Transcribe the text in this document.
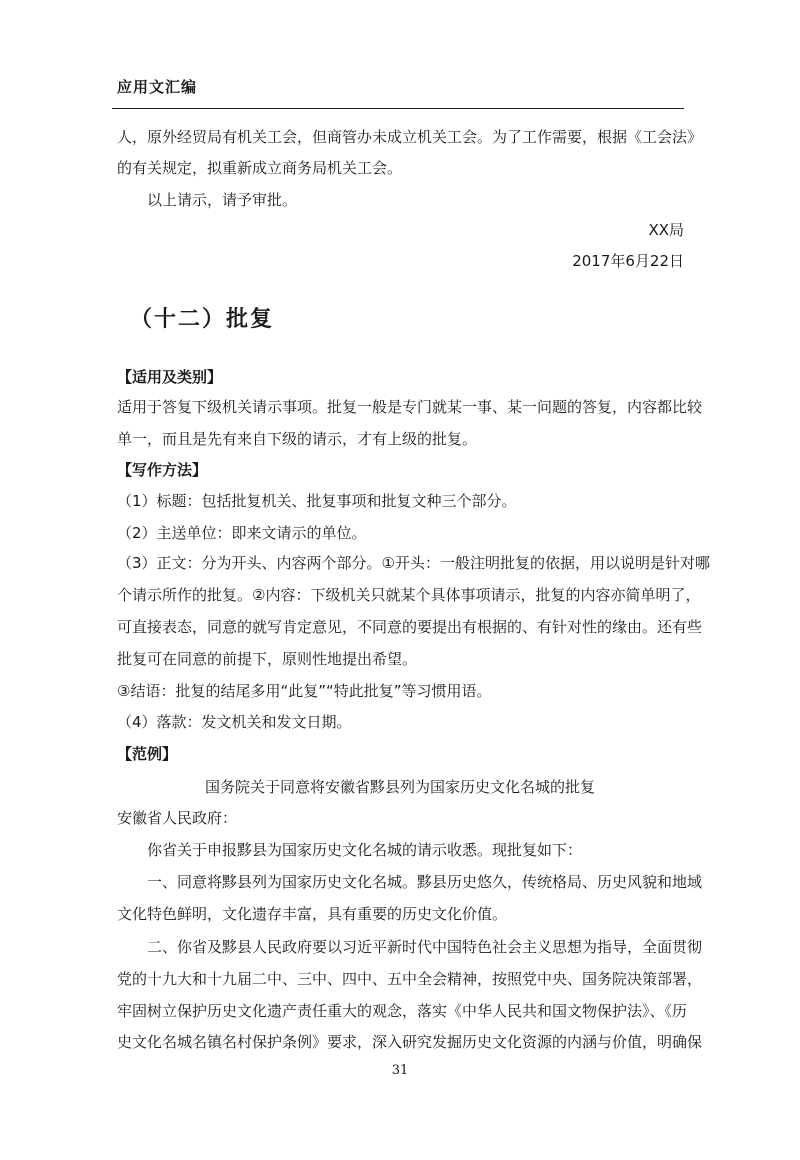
应用文汇编
人，原外经贸局有机关工会，但商管办未成立机关工会。为了工作需要，根据《工会法》
的有关规定，拟重新成立商务局机关工会。
以上请示，请予审批。
XX局
2017年6月22日
（十二）批复
【适用及类别】
适用于答复下级机关请示事项。批复一般是专门就某一事、某一问题的答复，内容都比较
单一，而且是先有来自下级的请示，才有上级的批复。
【写作方法】
（1）标题：包括批复机关、批复事项和批复文种三个部分。
（2）主送单位：即来文请示的单位。
（3）正文：分为开头、内容两个部分。①开头：一般注明批复的依据，用以说明是针对哪
个请示所作的批复。②内容：下级机关只就某个具体事项请示，批复的内容亦简单明了，
可直接表态，同意的就写肯定意见，不同意的要提出有根据的、有针对性的缘由。还有些
批复可在同意的前提下，原则性地提出希望。
③结语：批复的结尾多用“此复”“特此批复”等习惯用语。
（4）落款：发文机关和发文日期。
【范例】
国务院关于同意将安徽省黟县列为国家历史文化名城的批复
安徽省人民政府：
你省关于申报黟县为国家历史文化名城的请示收悉。现批复如下：
一、同意将黟县列为国家历史文化名城。黟县历史悠久，传统格局、历史风貌和地域
文化特色鲜明，文化遗存丰富，具有重要的历史文化价值。
二、你省及黟县人民政府要以习近平新时代中国特色社会主义思想为指导，全面贯彻
党的十九大和十九届二中、三中、四中、五中全会精神，按照党中央、国务院决策部署，
牢固树立保护历史文化遗产责任重大的观念，落实《中华人民共和国文物保护法》、《历
史文化名城名镇名村保护条例》要求，深入研究发掘历史文化资源的内涵与价值，明确保
31
